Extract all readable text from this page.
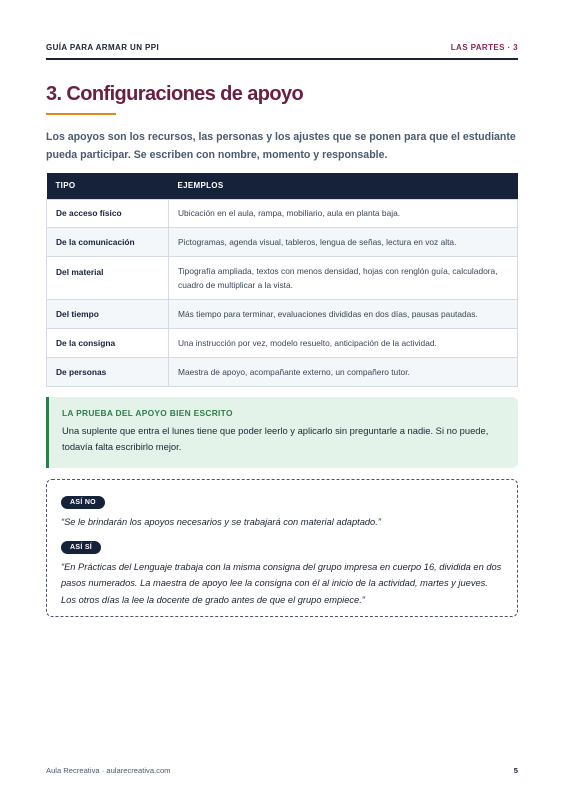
GUÍA PARA ARMAR UN PPI	LAS PARTES · 3
3. Configuraciones de apoyo

Los apoyos son los recursos, las personas y los ajustes que se ponen para que el estudiante pueda participar. Se escriben con nombre, momento y responsable.

TIPO	EJEMPLOS
De acceso físico	Ubicación en el aula, rampa, mobiliario, aula en planta baja.
De la comunicación	Pictogramas, agenda visual, tableros, lengua de señas, lectura en voz alta.
Del material	Tipografía ampliada, textos con menos densidad, hojas con renglón guía, calculadora, cuadro de multiplicar a la vista.
Del tiempo	Más tiempo para terminar, evaluaciones divididas en dos días, pausas pautadas.
De la consigna	Una instrucción por vez, modelo resuelto, anticipación de la actividad.
De personas	Maestra de apoyo, acompañante externo, un compañero tutor.
LA PRUEBA DEL APOYO BIEN ESCRITO
Una suplente que entra el lunes tiene que poder leerlo y aplicarlo sin preguntarle a nadie. Si no puede, todavía falta escribirlo mejor.
ASÍ NO

“Se le brindarán los apoyos necesarios y se trabajará con material adaptado.”

ASÍ SÍ

“En Prácticas del Lenguaje trabaja con la misma consigna del grupo impresa en cuerpo 16, dividida en dos pasos numerados. La maestra de apoyo lee la consigna con él al inicio de la actividad, martes y jueves. Los otros días la lee la docente de grado antes de que el grupo empiece.”

Aula Recreativa · aularecreativa.com	5
